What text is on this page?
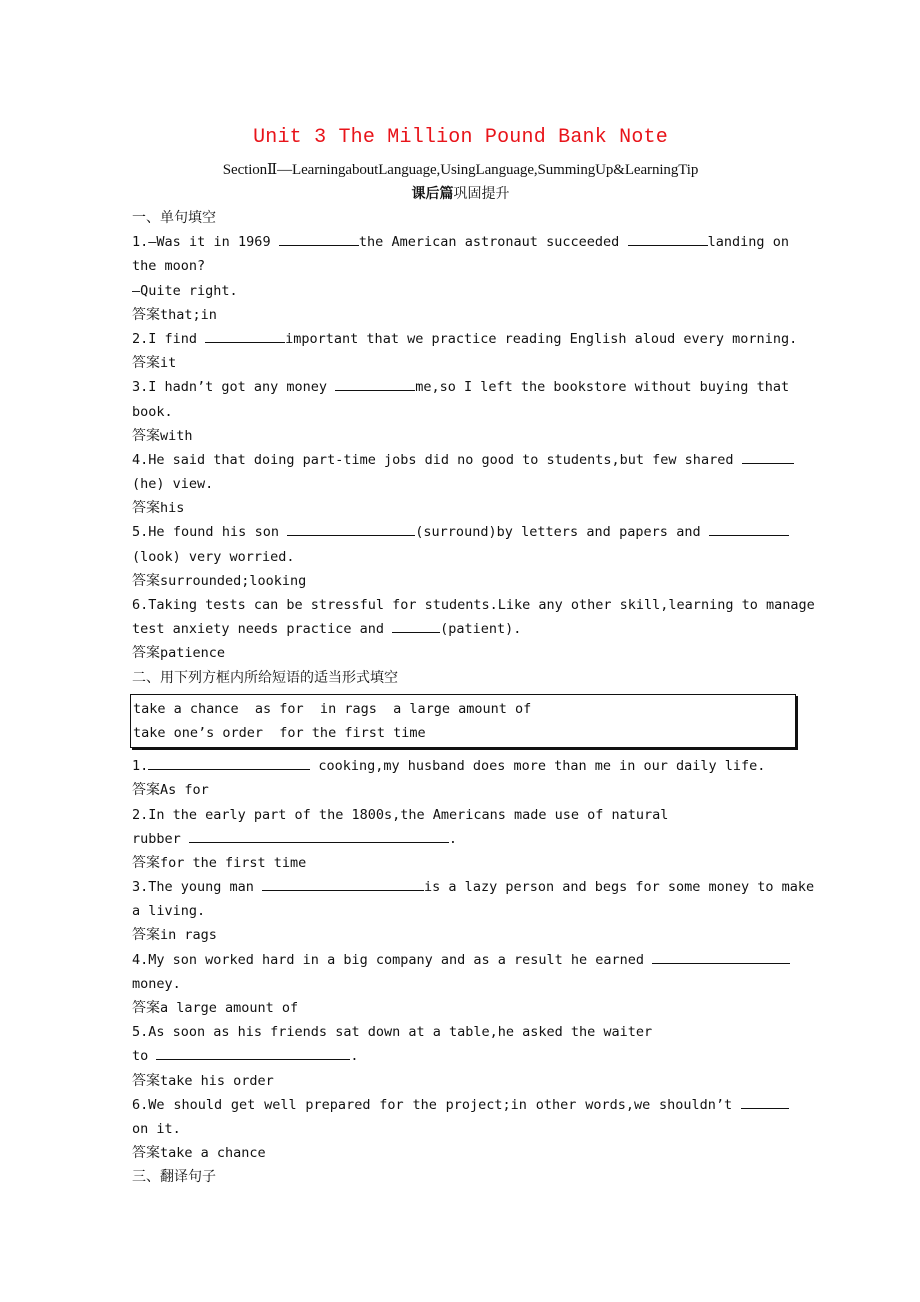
Unit 3 The Million Pound Bank Note
SectionⅡ—LearningaboutLanguage,UsingLanguage,SummingUp&LearningTip
课后篇巩固提升
一、单句填空
1.—Was it in 1969	the American astronaut succeeded	landing on
the moon?
—Quite right.
答案that;in
2.I find	important that we practice reading English aloud every morning.
答案it
3.I hadn’t got any money	me,so I left the bookstore without buying that
book.
答案with
4.He said that doing part-time jobs did no good to students,but few shared
(he) view.
答案his
5.He found his son	(surround)by letters and papers and
(look) very worried.
答案surrounded;looking
6.Taking tests can be stressful for students.Like any other skill,learning to manage
test anxiety needs practice and	(patient).
答案patience
二、用下列方框内所给短语的适当形式填空
take a chance  as for  in rags  a large amount of
take one’s order  for the first time
1.	cooking,my husband does more than me in our daily life.
答案As for
2.In the early part of the 1800s,the Americans made use of natural
rubber	.
答案for the first time
3.The young man	is a lazy person and begs for some money to make
a living.
答案in rags
4.My son worked hard in a big company and as a result he earned
money.
答案a large amount of
5.As soon as his friends sat down at a table,he asked the waiter
to	.
答案take his order
6.We should get well prepared for the project;in other words,we shouldn’t
on it.
答案take a chance
三、翻译句子
